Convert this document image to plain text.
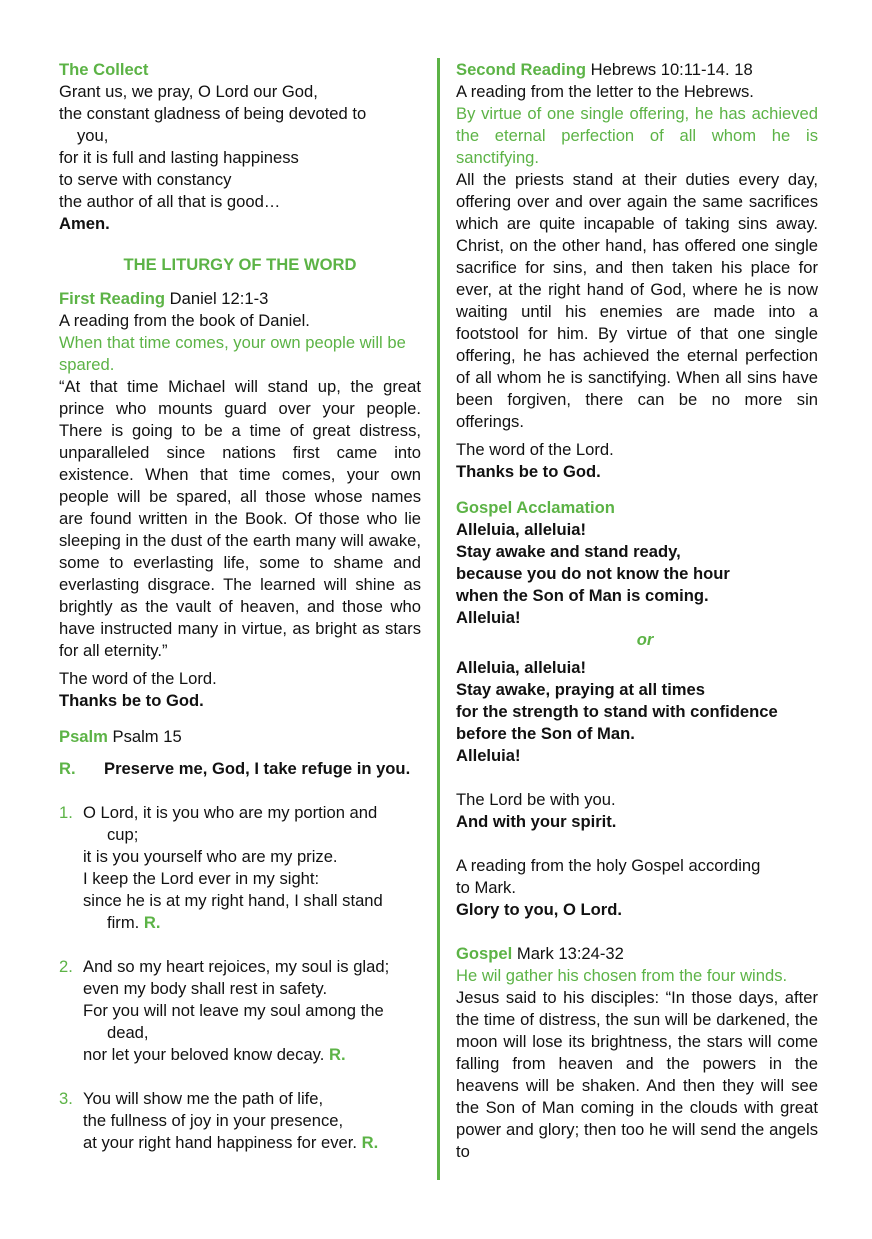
The Collect
Grant us, we pray, O Lord our God,
the constant gladness of being devoted to
you,
for it is full and lasting happiness
to serve with constancy
the author of all that is good…
Amen.
THE LITURGY OF THE WORD
First Reading Daniel 12:1-3
A reading from the book of Daniel.
When that time comes, your own people will be spared.
“At that time Michael will stand up, the great prince who mounts guard over your people. There is going to be a time of great distress, unparalleled since nations first came into existence. When that time comes, your own people will be spared, all those whose names are found written in the Book. Of those who lie sleeping in the dust of the earth many will awake, some to everlasting life, some to shame and everlasting disgrace. The learned will shine as brightly as the vault of heaven, and those who have instructed many in virtue, as bright as stars for all eternity.”
The word of the Lord.
Thanks be to God.
Psalm Psalm 15
R.	Preserve me, God, I take refuge in you.
1. O Lord, it is you who are my portion and
cup;
it is you yourself who are my prize.
I keep the Lord ever in my sight:
since he is at my right hand, I shall stand
firm. R.
2. And so my heart rejoices, my soul is glad;
even my body shall rest in safety.
For you will not leave my soul among the
dead,
nor let your beloved know decay. R.
3. You will show me the path of life,
the fullness of joy in your presence,
at your right hand happiness for ever. R.
Second Reading Hebrews 10:11-14. 18
A reading from the letter to the Hebrews.
By virtue of one single offering, he has achieved the eternal perfection of all whom he is sanctifying.
All the priests stand at their duties every day, offering over and over again the same sacrifices which are quite incapable of taking sins away. Christ, on the other hand, has offered one single sacrifice for sins, and then taken his place for ever, at the right hand of God, where he is now waiting until his enemies are made into a footstool for him. By virtue of that one single offering, he has achieved the eternal perfection of all whom he is sanctifying. When all sins have been forgiven, there can be no more sin offerings.
The word of the Lord.
Thanks be to God.
Gospel Acclamation
Alleluia, alleluia!
Stay awake and stand ready,
because you do not know the hour
when the Son of Man is coming.
Alleluia!
or
Alleluia, alleluia!
Stay awake, praying at all times
for the strength to stand with confidence
before the Son of Man.
Alleluia!
The Lord be with you.
And with your spirit.
A reading from the holy Gospel according
to Mark.
Glory to you, O Lord.
Gospel Mark 13:24-32
He wil gather his chosen from the four winds.
Jesus said to his disciples: “In those days, after the time of distress, the sun will be darkened, the moon will lose its brightness, the stars will come falling from heaven and the powers in the heavens will be shaken. And then they will see the Son of Man coming in the clouds with great power and glory; then too he will send the angels to
